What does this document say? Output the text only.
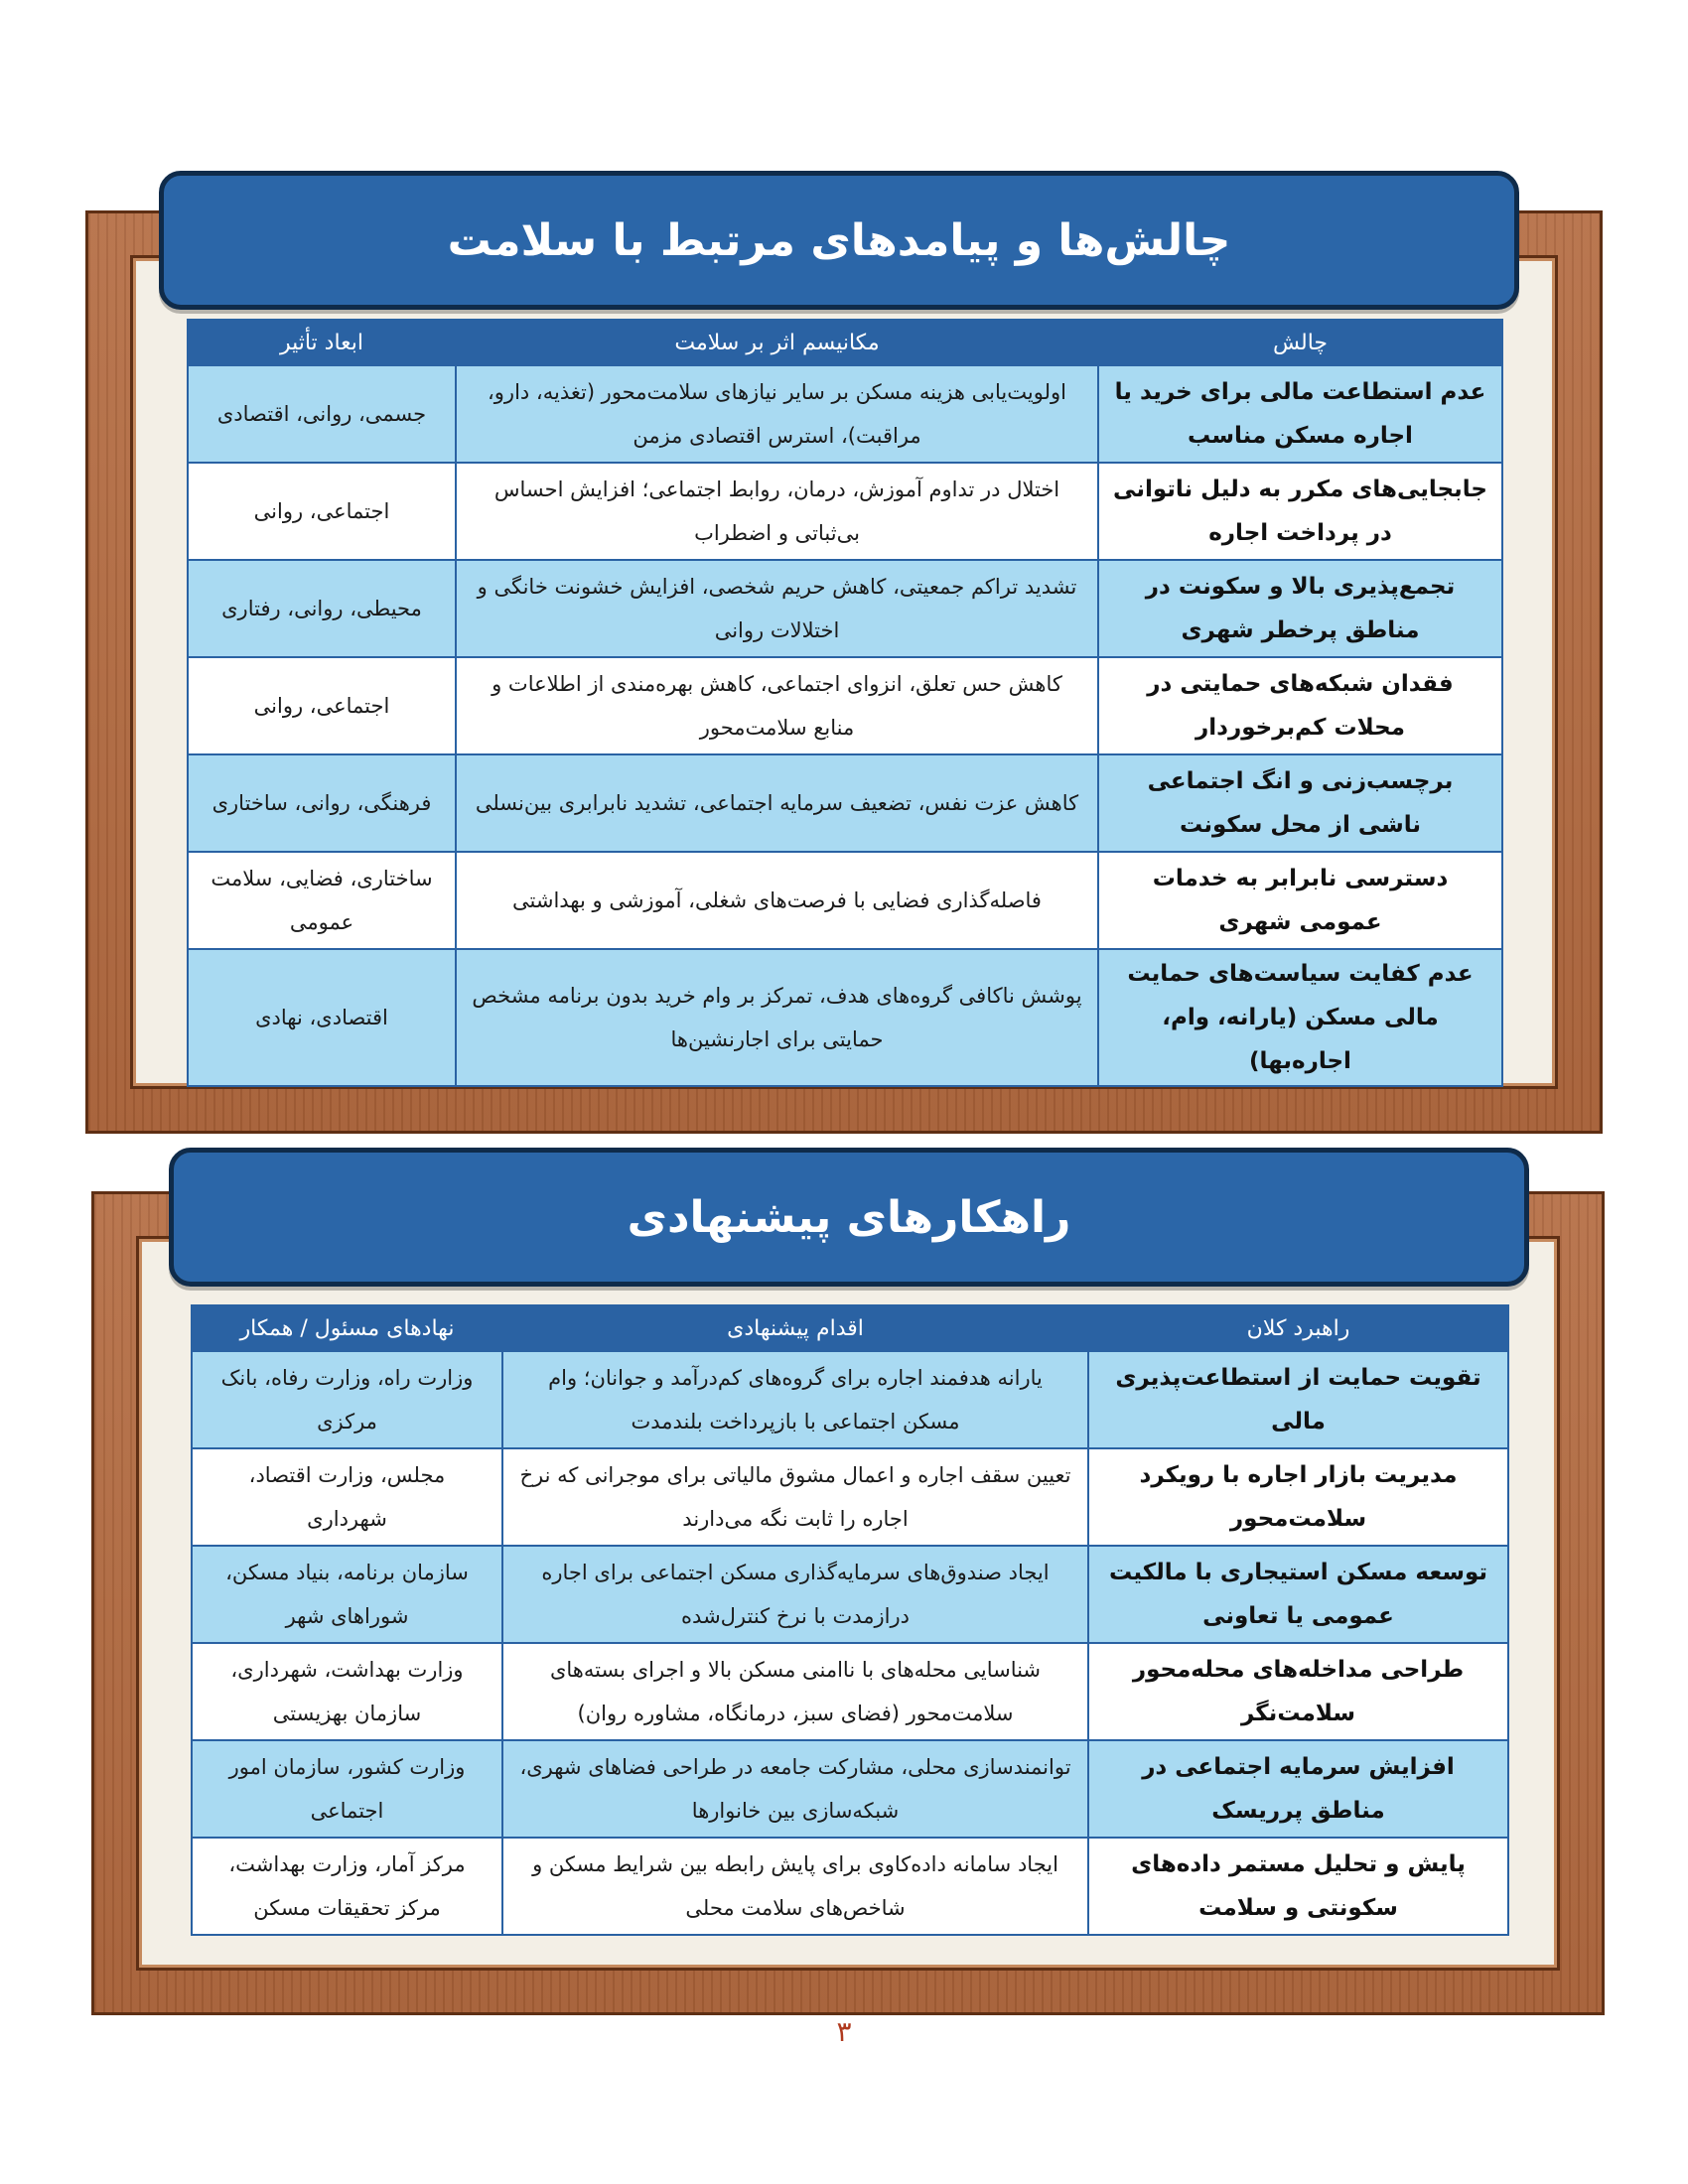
چالش‌ها و پیامدهای مرتبط با سلامت
چالش	مکانیسم اثر بر سلامت	ابعاد تأثیر
عدم استطاعت مالی برای خرید یا اجاره مسکن مناسب	اولویت‌یابی هزینه مسکن بر سایر نیازهای سلامت‌محور (تغذیه، دارو، مراقبت)، استرس اقتصادی مزمن	جسمی، روانی، اقتصادی
جابجایی‌های مکرر به دلیل ناتوانی در پرداخت اجاره	اختلال در تداوم آموزش، درمان، روابط اجتماعی؛ افزایش احساس بی‌ثباتی و اضطراب	اجتماعی، روانی
تجمع‌پذیری بالا و سکونت در مناطق پرخطر شهری	تشدید تراکم جمعیتی، کاهش حریم شخصی، افزایش خشونت خانگی و اختلالات روانی	محیطی، روانی، رفتاری
فقدان شبکه‌های حمایتی در محلات کم‌برخوردار	کاهش حس تعلق، انزوای اجتماعی، کاهش بهره‌مندی از اطلاعات و منابع سلامت‌محور	اجتماعی، روانی
برچسب‌زنی و انگ اجتماعی ناشی از محل سکونت	کاهش عزت نفس، تضعیف سرمایه اجتماعی، تشدید نابرابری بین‌نسلی	فرهنگی، روانی، ساختاری
دسترسی نابرابر به خدمات عمومی شهری	فاصله‌گذاری فضایی با فرصت‌های شغلی، آموزشی و بهداشتی	ساختاری، فضایی، سلامت عمومی
عدم کفایت سیاست‌های حمایت مالی مسکن (یارانه، وام، اجاره‌بها)	پوشش ناکافی گروه‌های هدف، تمرکز بر وام خرید بدون برنامه مشخص حمایتی برای اجارنشین‌ها	اقتصادی، نهادی
راهکارهای پیشنهادی
راهبرد کلان	اقدام پیشنهادی	نهادهای مسئول / همکار
تقویت حمایت از استطاعت‌پذیری مالی	یارانه هدفمند اجاره برای گروه‌های کم‌درآمد و جوانان؛ وام مسکن اجتماعی با بازپرداخت بلندمدت	وزارت راه، وزارت رفاه، بانک مرکزی
مدیریت بازار اجاره با رویکرد سلامت‌محور	تعیین سقف اجاره و اعمال مشوق مالیاتی برای موجرانی که نرخ اجاره را ثابت نگه می‌دارند	مجلس، وزارت اقتصاد، شهرداری
توسعه مسکن استیجاری با مالکیت عمومی یا تعاونی	ایجاد صندوق‌های سرمایه‌گذاری مسکن اجتماعی برای اجاره درازمدت با نرخ کنترل‌شده	سازمان برنامه، بنیاد مسکن، شوراهای شهر
طراحی مداخله‌های محله‌محور سلامت‌نگر	شناسایی محله‌های با ناامنی مسکن بالا و اجرای بسته‌های سلامت‌محور (فضای سبز، درمانگاه، مشاوره روان)	وزارت بهداشت، شهرداری، سازمان بهزیستی
افزایش سرمایه اجتماعی در مناطق پرریسک	توانمندسازی محلی، مشارکت جامعه در طراحی فضاهای شهری، شبکه‌سازی بین خانوارها	وزارت کشور، سازمان امور اجتماعی
پایش و تحلیل مستمر داده‌های سکونتی و سلامت	ایجاد سامانه داده‌کاوی برای پایش رابطه بین شرایط مسکن و شاخص‌های سلامت محلی	مرکز آمار، وزارت بهداشت، مرکز تحقیقات مسکن
۳
